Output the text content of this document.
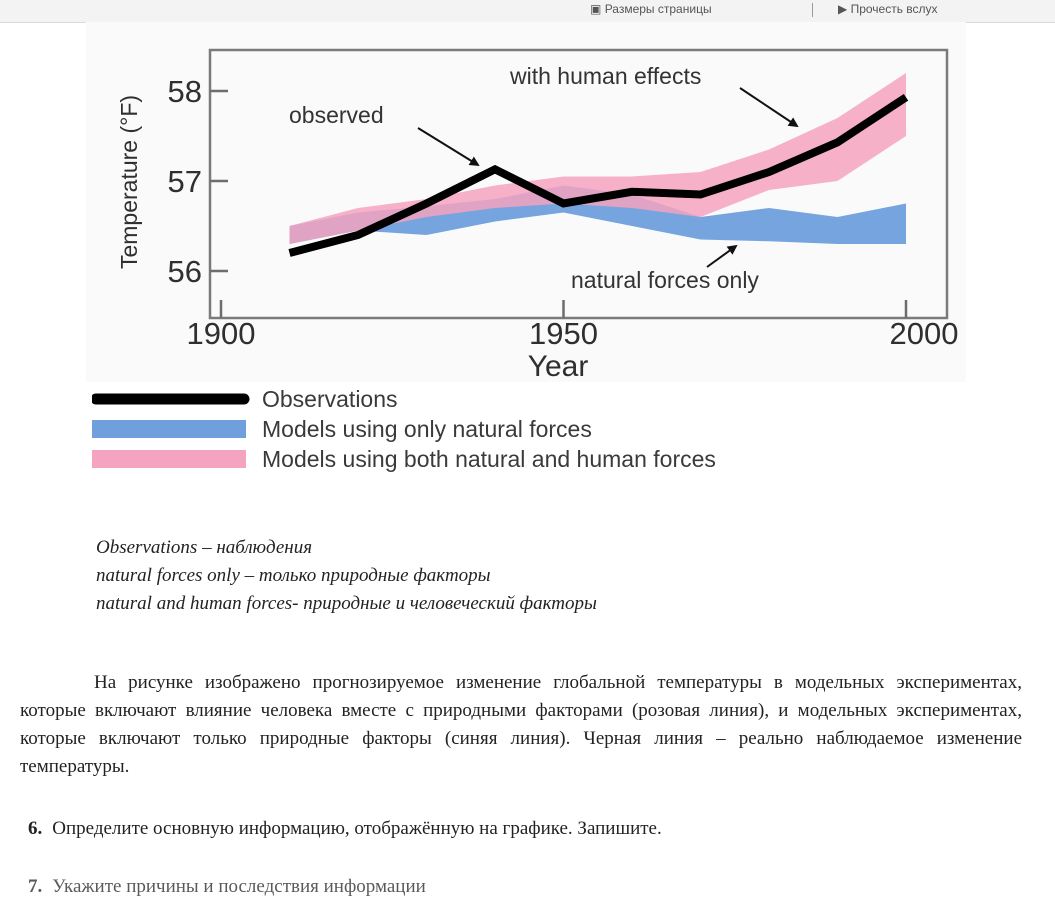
▣ Размеры страницы	▶ Прочесть вслух
56
57
58
1900	1950	2000
Year
Temperature (°F)
with human effects
observed
natural forces only
Observations
Models using only natural forces
Models using both natural and human forces
Observations – наблюдения
natural forces only – только природные факторы
natural and human forces- природные и человеческий факторы

На рисунке изображено прогнозируемое изменение глобальной температуры в модельных экспериментах, которые включают влияние человека вместе с природными факторами (розовая линия), и модельных экспериментах, которые включают только природные факторы (синяя линия). Черная линия – реально наблюдаемое изменение температуры.

6. Определите основную информацию, отображённую на графике. Запишите.
7. Укажите причины и последствия информации
